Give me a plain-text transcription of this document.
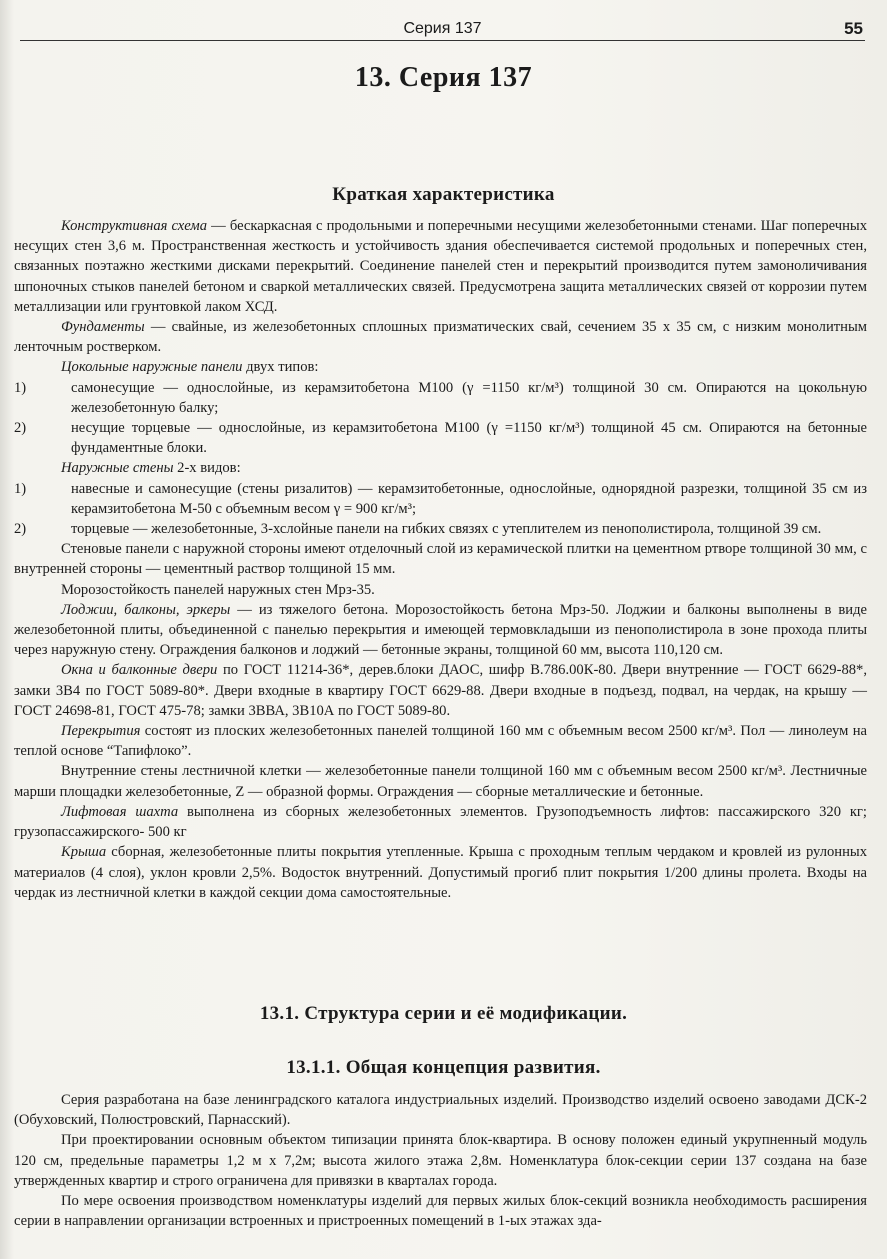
Серия 137	55
13. Серия 137
Краткая характеристика

Конструктивная схема — бескаркасная с продольными и поперечными несущими железобетонными стенами. Шаг поперечных несущих стен 3,6 м. Пространственная жесткость и устойчивость здания обеспечивается системой продольных и поперечных стен, связанных поэтажно жесткими дисками перекрытий. Соединение панелей стен и перекрытий производится путем замоноличивания шпоночных стыков панелей бетоном и сваркой металлических связей. Предусмотрена защита металлических связей от коррозии путем металлизации или грунтовкой лаком ХСД.

Фундаменты — свайные, из железобетонных сплошных призматических свай, сечением 35 х 35 см, с низким монолитным ленточным ростверком.

Цокольные наружные панели двух типов:

1)	самонесущие — однослойные, из керамзитобетона М100 (γ =1150 кг/м³) толщиной 30 см. Опираются на цокольную железобетонную балку;
2)	несущие торцевые — однослойные, из керамзитобетона М100 (γ =1150 кг/м³) толщиной 45 см. Опираются на бетонные фундаментные блоки.

Наружные стены 2-х видов:

1)	навесные и самонесущие (стены ризалитов) — керамзитобетонные, однослойные, однорядной разрезки, толщиной 35 см из керамзитобетона М-50 с объемным весом γ = 900 кг/м³;
2)	торцевые — железобетонные, 3-хслойные панели на гибких связях с утеплителем из пенополистирола, толщиной 39 см.

Стеновые панели с наружной стороны имеют отделочный слой из керамической плитки на цементном ртворе толщиной 30 мм, с внутренней стороны — цементный раствор толщиной 15 мм.

Морозостойкость панелей наружных стен Мрз-35.

Лоджии, балконы, эркеры — из тяжелого бетона. Морозостойкость бетона Мрз-50. Лоджии и балконы выполнены в виде железобетонной плиты, объединенной с панелью перекрытия и имеющей термовкладыши из пенополистирола в зоне прохода плиты через наружную стену. Ограждения балконов и лоджий — бетонные экраны, толщиной 60 мм, высота 110,120 см.

Окна и балконные двери по ГОСТ 11214-36*, дерев.блоки ДАОС, шифр В.786.00К-80. Двери внутренние — ГОСТ 6629-88*, замки 3В4 по ГОСТ 5089-80*. Двери входные в квартиру ГОСТ 6629-88. Двери входные в подъезд, подвал, на чердак, на крышу — ГОСТ 24698-81, ГОСТ 475-78; замки 3ВВА, 3В10А по ГОСТ 5089-80.

Перекрытия состоят из плоских железобетонных панелей толщиной 160 мм с объемным весом 2500 кг/м³. Пол — линолеум на теплой основе “Тапифлоко”.

Внутренние стены лестничной клетки — железобетонные панели толщиной 160 мм с объемным весом 2500 кг/м³. Лестничные марши площадки железобетонные, Z — образной формы. Ограждения — сборные металлические и бетонные.

Лифтовая шахта выполнена из сборных железобетонных элементов. Грузоподъемность лифтов: пассажирского 320 кг; грузопассажирского- 500 кг

Крыша сборная, железобетонные плиты покрытия утепленные. Крыша с проходным теплым чердаком и кровлей из рулонных материалов (4 слоя), уклон кровли 2,5%. Водосток внутренний. Допустимый прогиб плит покрытия 1/200 длины пролета. Входы на чердак из лестничной клетки в каждой секции дома самостоятельные.

13.1. Структура серии и её модификации.
13.1.1. Общая концепция развития.

Серия разработана на базе ленинградского каталога индустриальных изделий. Производство изделий освоено заводами ДСК-2 (Обуховский, Полюстровский, Парнасский).

При проектировании основным объектом типизации принята блок-квартира. В основу положен единый укрупненный модуль 120 см, предельные параметры 1,2 м х 7,2м; высота жилого этажа 2,8м. Номенклатура блок-секции серии 137 создана на базе утвержденных квартир и строго ограничена для привязки в кварталах города.

По мере освоения производством номенклатуры изделий для первых жилых блок-секций возникла необходимость расширения серии в направлении организации встроенных и пристроенных помещений в 1-ых этажах зда-
